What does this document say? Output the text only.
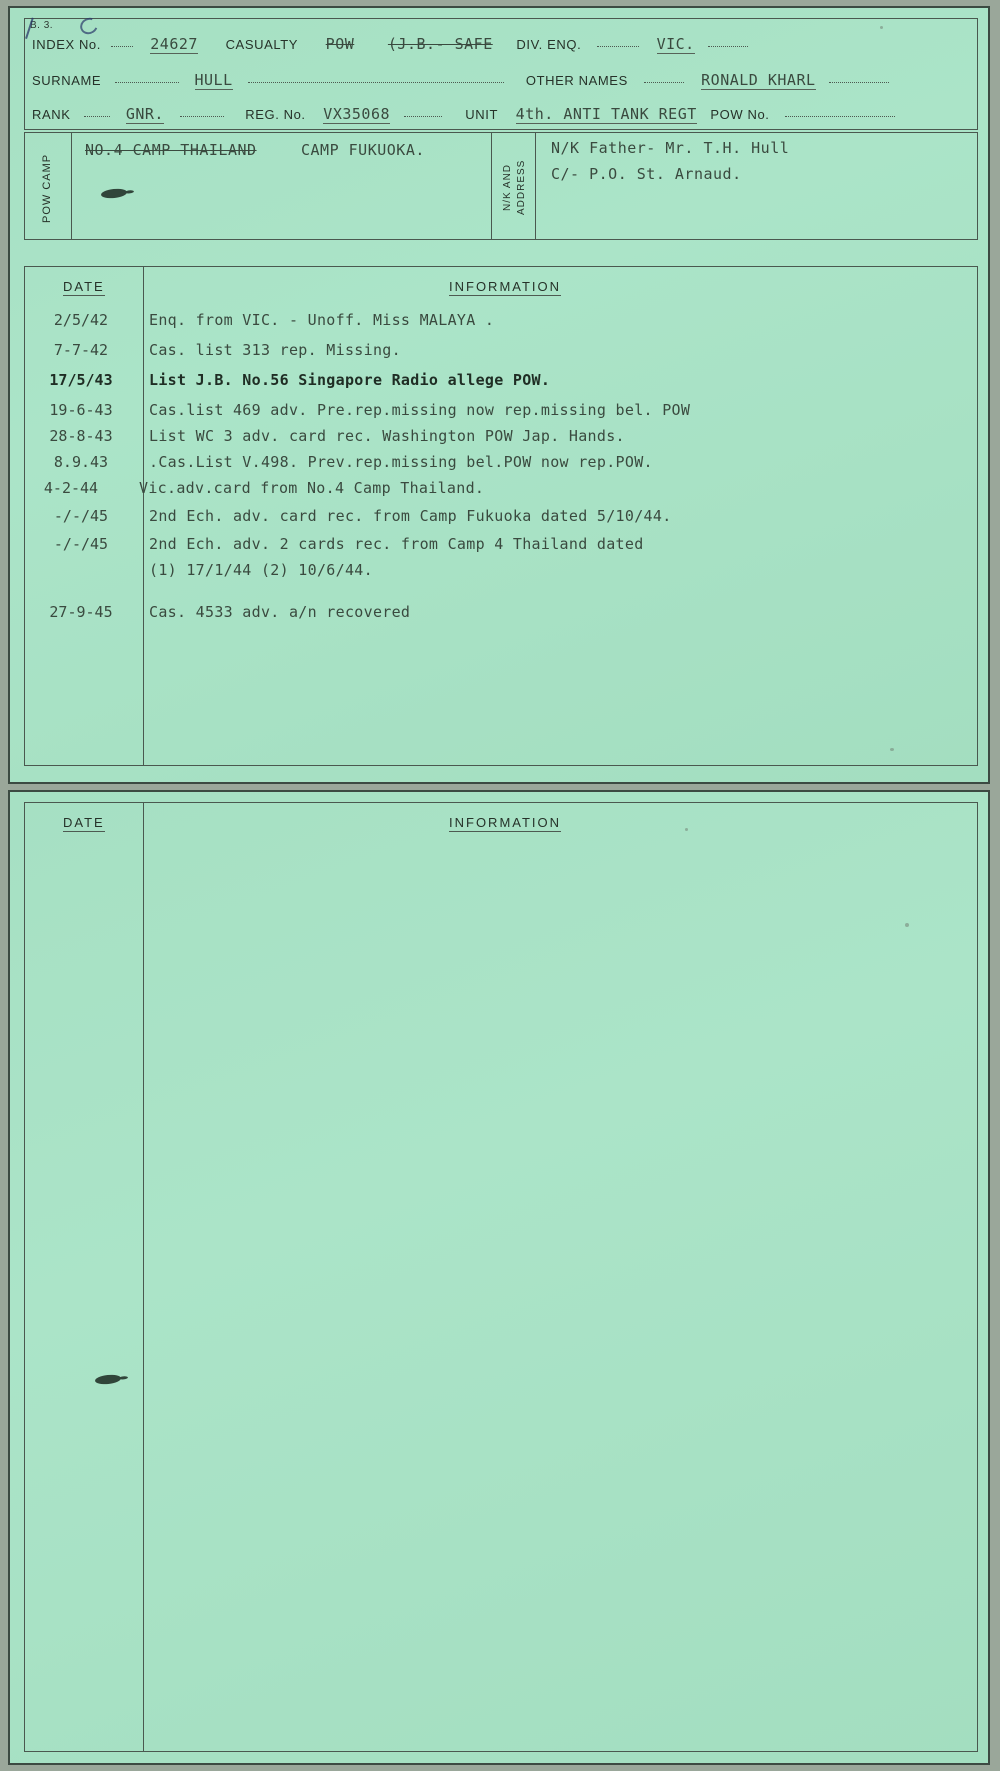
B. 3.
INDEX No.	24627 CASUALTY POW (J.B.- SAFE DIV. ENQ.	VIC.
SURNAME	HULL	OTHER NAMES	RONALD KHARL
RANK	GNR.	REG. No. VX35068	UNIT 4th. ANTI TANK REGT POW No.
POW CAMP	N/K AND ADDRESS
NO.4 CAMP THAILAND	CAMP FUKUOKA.	N/K Father- Mr. T.H. Hull
C/- P.O. St. Arnaud.
DATE	INFORMATION
2/5/42	Enq. from VIC. - Unoff. Miss MALAYA .
7-7-42	Cas. list 313 rep. Missing.
17/5/43	List J.B. No.56 Singapore Radio allege POW.
19-6-43	Cas.list 469 adv. Pre.rep.missing now rep.missing bel. POW
28-8-43	List WC 3 adv. card rec. Washington POW Jap. Hands.
8.9.43	.Cas.List V.498. Prev.rep.missing bel.POW now rep.POW.
4-2-44	Vic.adv.card from No.4 Camp Thailand.
-/-/45	2nd Ech. adv. card rec. from Camp Fukuoka dated 5/10/44.
-/-/45	2nd Ech. adv. 2 cards rec. from Camp 4 Thailand dated
(1) 17/1/44 (2) 10/6/44.
27-9-45	Cas. 4533 adv. a/n recovered
DATE	INFORMATION
